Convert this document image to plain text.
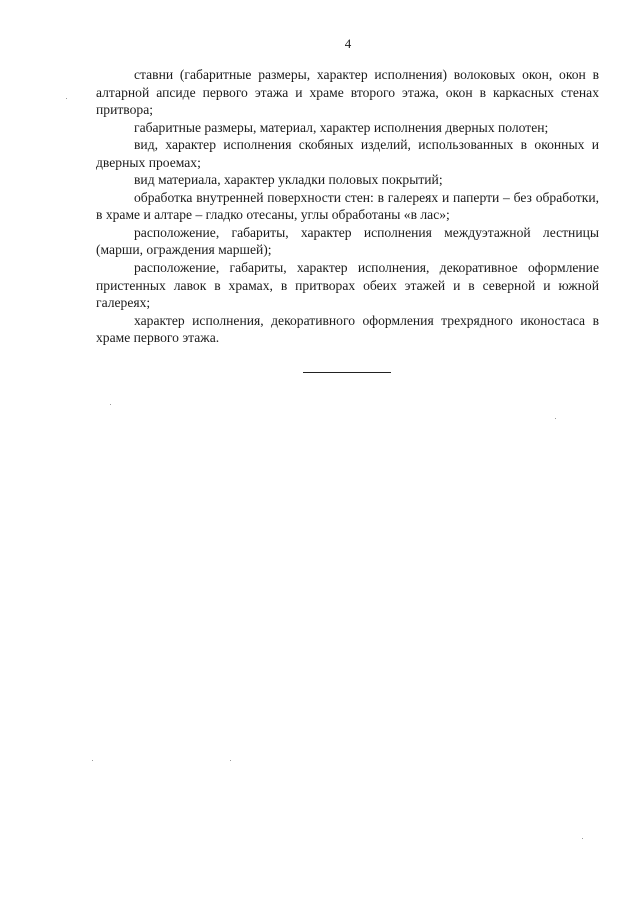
4

ставни (габаритные размеры, характер исполнения) волоковых окон, окон в алтарной апсиде первого этажа и храме второго этажа, окон в каркасных стенах притвора;

габаритные размеры, материал, характер исполнения дверных полотен;

вид, характер исполнения скобяных изделий, использованных в оконных и дверных проемах;

вид материала, характер укладки половых покрытий;

обработка внутренней поверхности стен: в галереях и паперти – без обработки, в храме и алтаре – гладко отесаны, углы обработаны «в лас»;

расположение, габариты, характер исполнения междуэтажной лестницы (марши, ограждения маршей);

расположение, габариты, характер исполнения, декоративное оформление пристенных лавок в храмах, в притворах обеих этажей и в северной и южной галереях;

характер исполнения, декоративного оформления трехрядного иконостаса в храме первого этажа.
